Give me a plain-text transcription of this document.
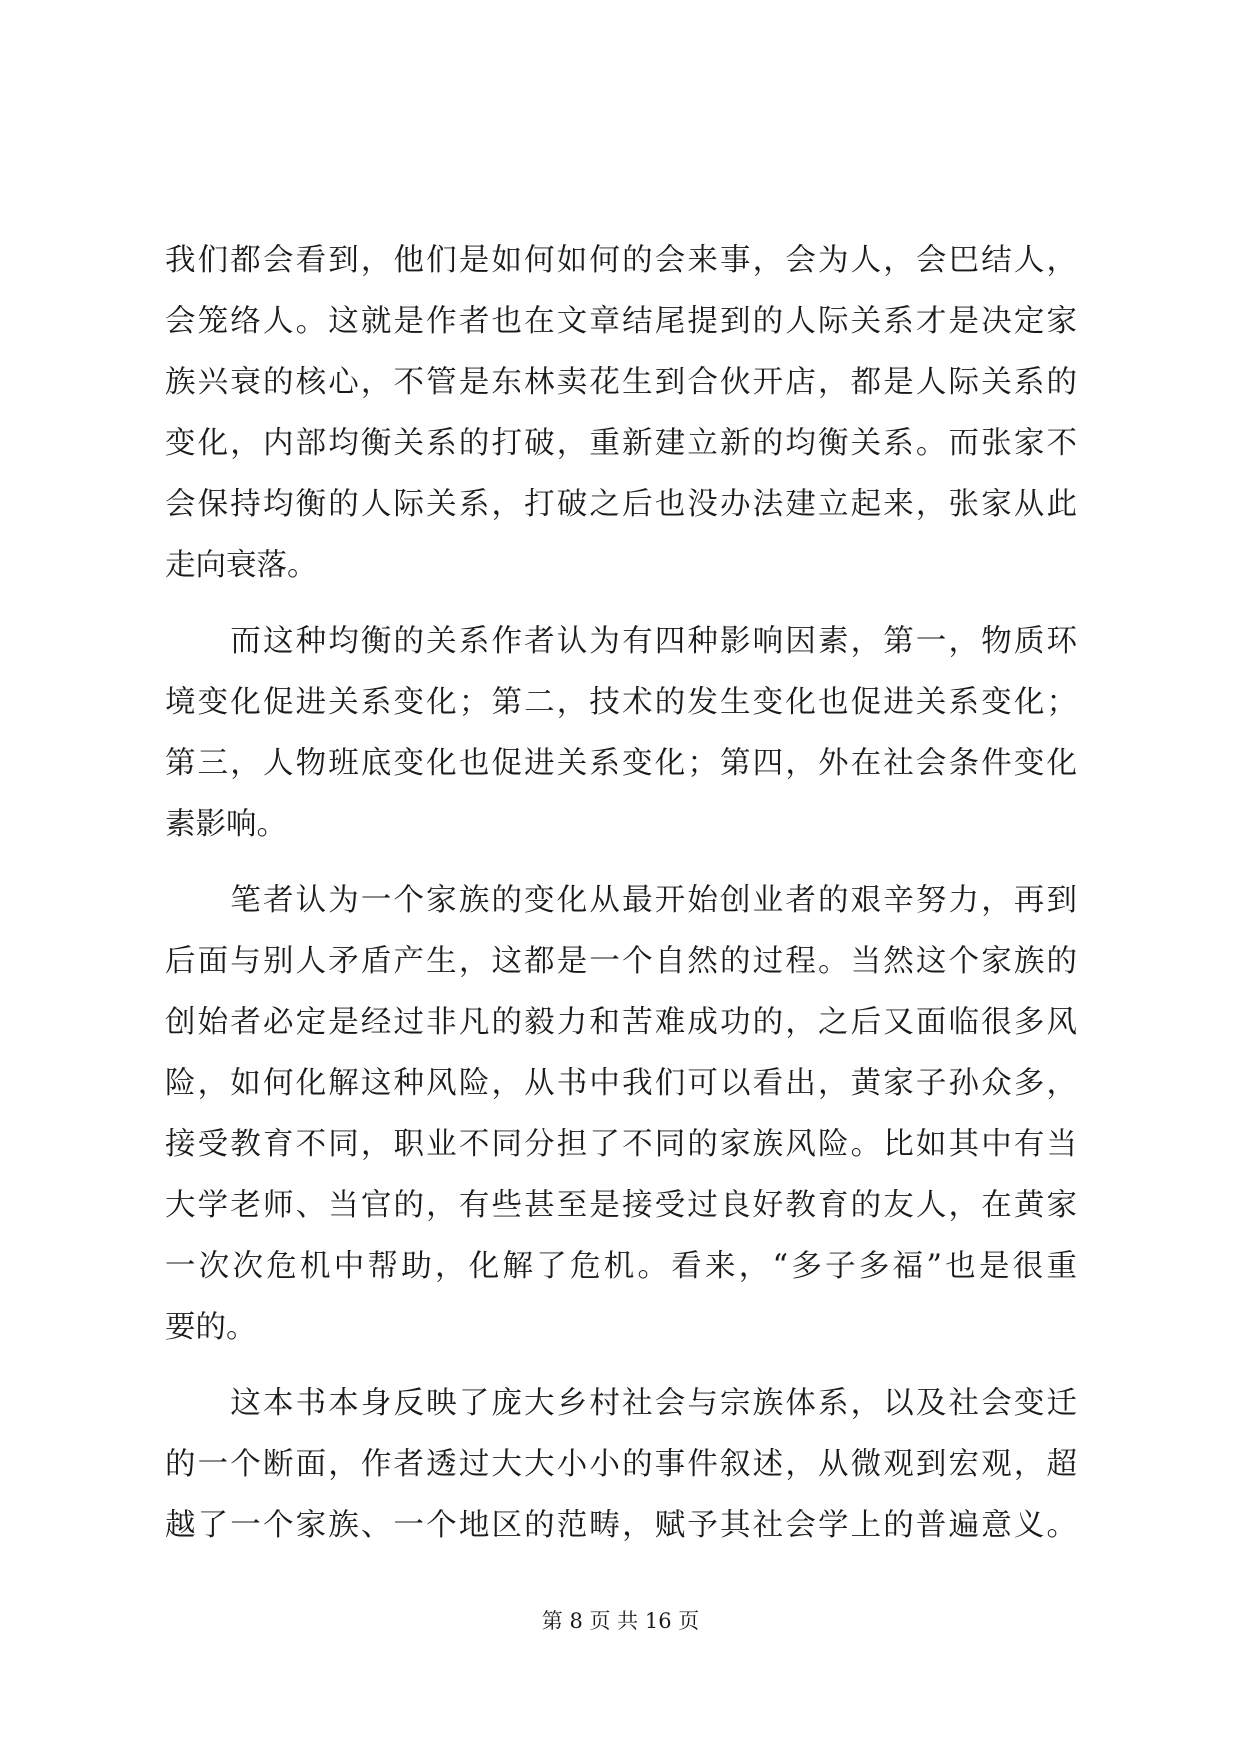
我们都会看到，他们是如何如何的会来事，会为人，会巴结人，
会笼络人。这就是作者也在文章结尾提到的人际关系才是决定家
族兴衰的核心，不管是东林卖花生到合伙开店，都是人际关系的
变化，内部均衡关系的打破，重新建立新的均衡关系。而张家不
会保持均衡的人际关系，打破之后也没办法建立起来，张家从此
走向衰落。
　　而这种均衡的关系作者认为有四种影响因素，第一，物质环
境变化促进关系变化；第二，技术的发生变化也促进关系变化；
第三，人物班底变化也促进关系变化；第四，外在社会条件变化
素影响。
　　笔者认为一个家族的变化从最开始创业者的艰辛努力，再到
后面与别人矛盾产生，这都是一个自然的过程。当然这个家族的
创始者必定是经过非凡的毅力和苦难成功的，之后又面临很多风
险，如何化解这种风险，从书中我们可以看出，黄家子孙众多，
接受教育不同，职业不同分担了不同的家族风险。比如其中有当
大学老师、当官的，有些甚至是接受过良好教育的友人，在黄家
一次次危机中帮助，化解了危机。看来，“多子多福”也是很重
要的。
　　这本书本身反映了庞大乡村社会与宗族体系，以及社会变迁
的一个断面，作者透过大大小小的事件叙述，从微观到宏观，超
越了一个家族、一个地区的范畴，赋予其社会学上的普遍意义。
第 8 页 共 16 页
